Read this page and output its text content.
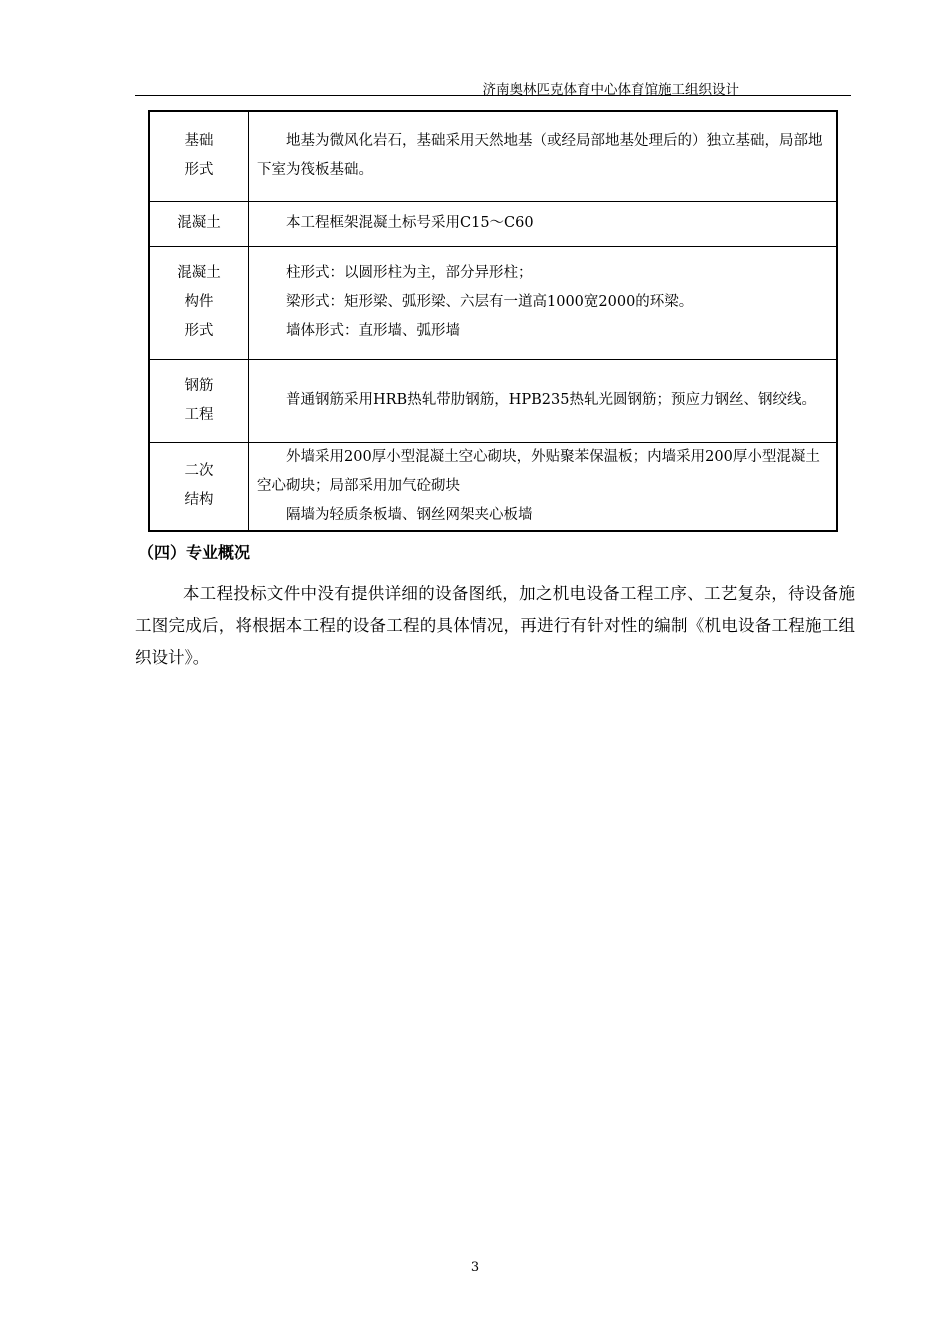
济南奥林匹克体育中心体育馆施工组织设计
基础
形式	地基为微风化岩石，基础采用天然地基（或经局部地基处理后的）独立基础，局部地下室为筏板基础。

混凝土	本工程框架混凝土标号采用C15～C60

混凝土
构件
形式	柱形式：以圆形柱为主，部分异形柱；
梁形式：矩形梁、弧形梁、六层有一道高1000宽2000的环梁。
墙体形式：直形墙、弧形墙

钢筋
工程	普通钢筋采用HRB热轧带肋钢筋，HPB235热轧光圆钢筋；预应力钢丝、钢绞线。

二次
结构	外墙采用200厚小型混凝土空心砌块，外贴聚苯保温板；内墙采用200厚小型混凝土空心砌块；局部采用加气砼砌块
隔墙为轻质条板墙、钢丝网架夹心板墙
（四）专业概况
本工程投标文件中没有提供详细的设备图纸，加之机电设备工程工序、工艺复杂，待设备施工图完成后，将根据本工程的设备工程的具体情况，再进行有针对性的编制《机电设备工程施工组织设计》。
3
